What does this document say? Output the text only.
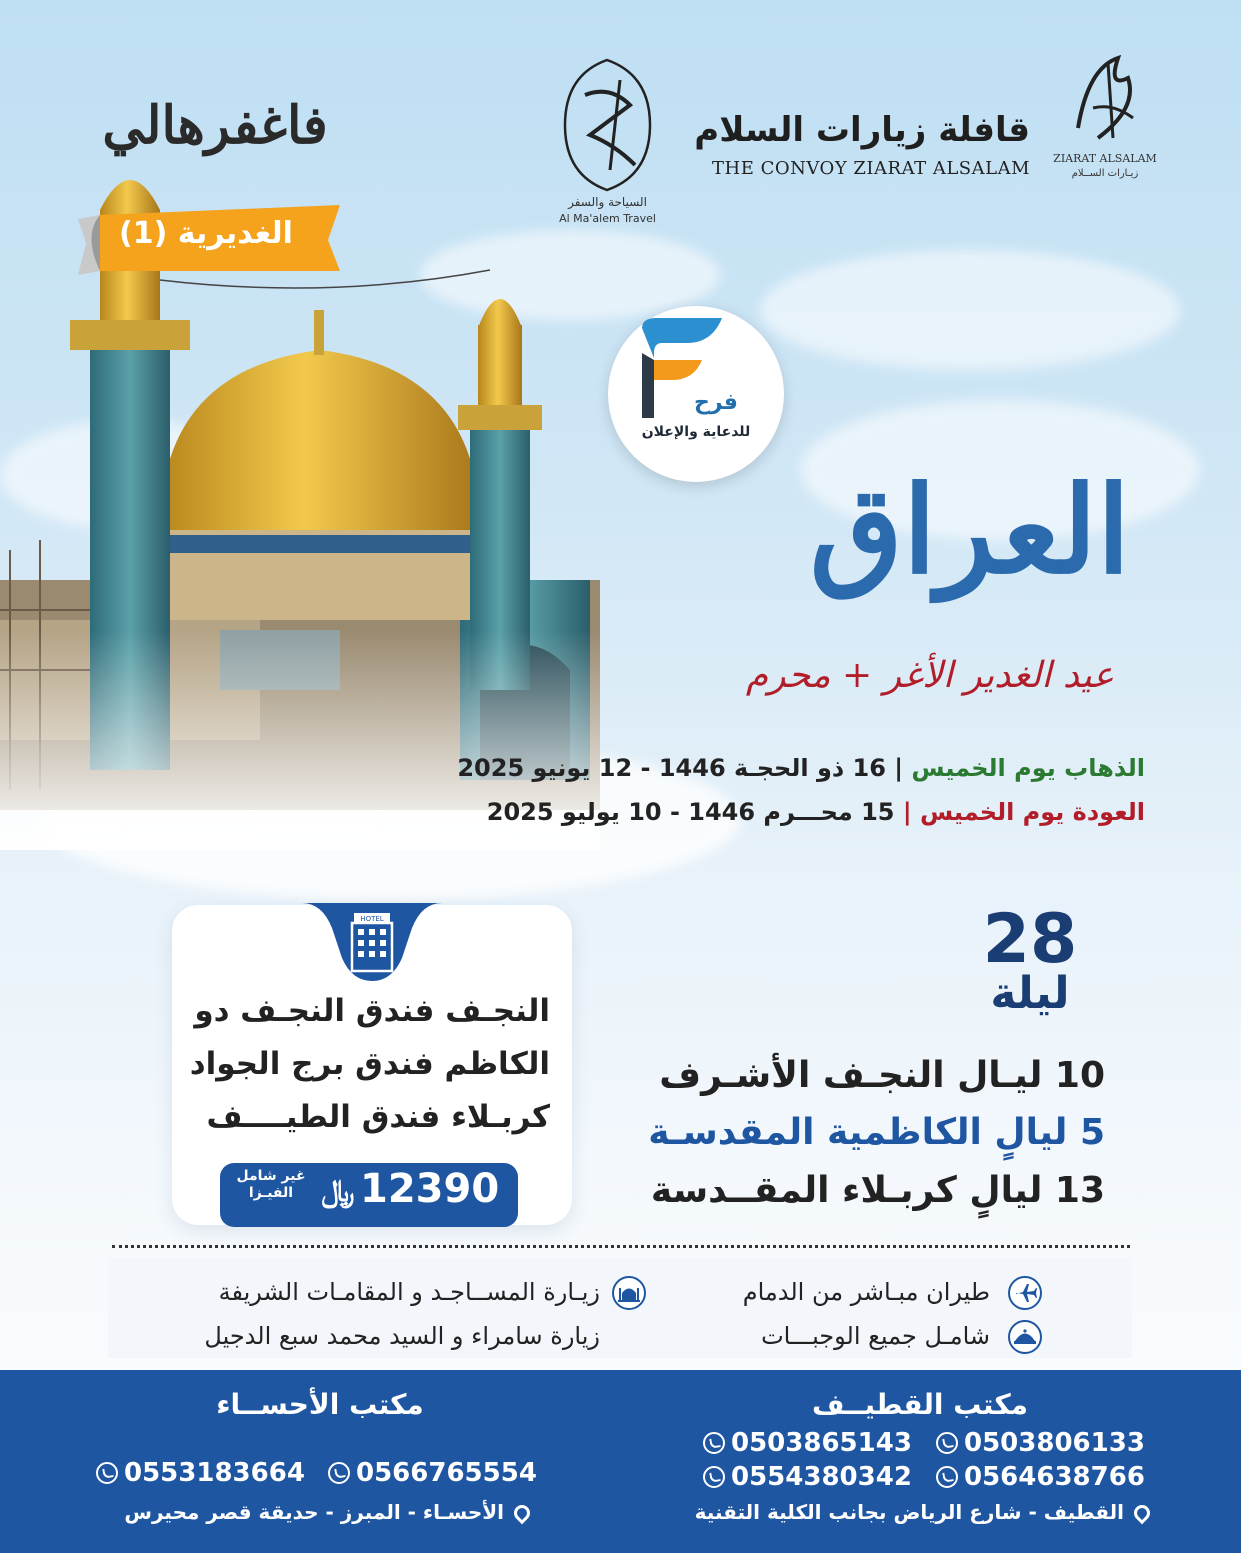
ZIARAT ALSALAM
زيـارات الســلام
قافلة زيارات السلام
THE CONVOY ZIARAT ALSALAM
السياحة والسفر
Al Ma'alem Travel
فاغفرهالي
الغديرية (1)
فرح
للدعاية والإعلان
العراق
عيد الغدير الأغر + محرم
الذهاب يوم الخميس | 16 ذو الحجـة 1446 - 12 يونيو 2025
العودة يوم الخميس | 15 محـــرم 1446 - 10 يوليو 2025
28
ليلة
10 ليـال النجـف الأشـرف
5 ليالٍ الكاظمية المقدسـة
13 ليالٍ كربـلاء المقــدسة
HOTEL
النجـف فندق النجـف دو
الكاظم فندق برج الجواد
كربـلاء فندق الطيــــف
12390
﷼
غير شامل
الفيـزا
طيران مبـاشر من الدمام
شامـل جميع الوجبـــات
زيـارة المســاجـد و المقامـات الشريفة
زيارة سامراء و السيد محمد سبع الدجيل
مكتب القطيــف
0503806133
0503865143
0564638766
0554380342
القطيف - شارع الرياض بجانب الكلية التقنية
مكتب الأحســاء
0566765554
0553183664
الأحسـاء - المبرز - حديقة قصر محيرس
